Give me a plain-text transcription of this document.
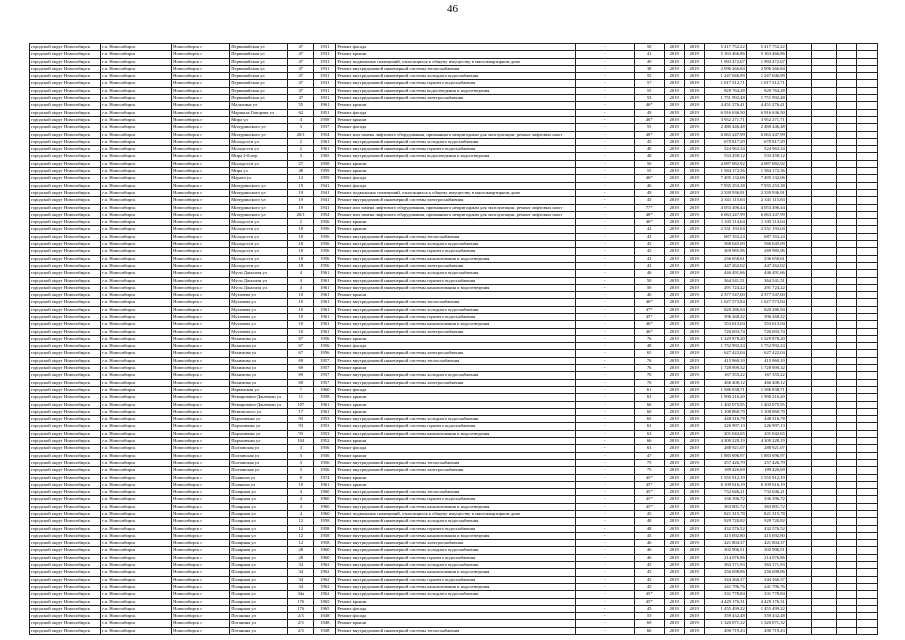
46
городской округ Новосибирск	г.п. Новосибирск	Новосибирск г	Первомайская ул	47	1931	Ремонт фасада	-	50	2019	2019	5 417 752,22	5 417 752,22				
городской округ Новосибирск	г.п. Новосибирск	Новосибирск г	Первомайская ул	47	1931	Ремонт крыши	-	41	2019	2019	5 163 466,86	5 163 466,86				
городской округ Новосибирск	г.п. Новосибирск	Новосибирск г	Первомайская ул	47	1931	Ремонт подвальных помещений, относящихся к общему имуществу в многоквартирном доме	-	49	2019	2019	1 993 472,67	1 993 472,67				
городской округ Новосибирск	г.п. Новосибирск	Новосибирск г	Первомайская ул	47	1931	Ремонт внутридомовой инженерной системы теплоснабжения	-	38	2019	2019	2 096 266,84	2 096 266,84				
городской округ Новосибирск	г.п. Новосибирск	Новосибирск г	Первомайская ул	47	1931	Ремонт внутридомовой инженерной системы холодного водоснабжения	-	55	2019	2019	1 247 046,99	1 247 046,99				
городской округ Новосибирск	г.п. Новосибирск	Новосибирск г	Первомайская ул	47	1931	Ремонт внутридомовой инженерной системы горячего водоснабжения	-	57	2019	2019	1 017 312,71	1 017 312,71				
городской округ Новосибирск	г.п. Новосибирск	Новосибирск г	Первомайская ул	47	1931	Ремонт внутридомовой инженерной системы водоотведения и водоотведения	-	55	2019	2019	820 764,28	820 764,28				
городской округ Новосибирск	г.п. Новосибирск	Новосибирск г	Первомайская ул	47	1931	Ремонт внутридомовой инженерной системы электроснабжения	-	53	2019	2019	1 751 992,48	1 751 992,48				
городской округ Новосибирск	г.п. Новосибирск	Новосибирск г	Малыгина ул	55	1961	Ремонт крыши	-	46*	2019	2019	4 451 276,41	4 451 276,41				
городской округ Новосибирск	г.п. Новосибирск	Новосибирск г	Маршала Говорова ул	62	1951	Ремонт фасада	-	49	2019	2019	6 916 636,50	6 916 636,50				
городской округ Новосибирск	г.п. Новосибирск	Новосибирск г	Мира ул	4	1958	Ремонт крыши	-	46*	2019	2019	3 952 271,71	3 952 271,71				
городской округ Новосибирск	г.п. Новосибирск	Новосибирск г	Мичуринского ул	3	1937	Ремонт фасада	-	55	2019	2019	2 480 446,48	2 480 446,48				
городской округ Новосибирск	г.п. Новосибирск	Новосибирск г	Мичуринского ул	20/1	1954	Ремонт или замена лифтового оборудования, признанного непригодным для эксплуатации, ремонт лифтовых шахт	-	48*	2019	2019	6 063 247,99	6 063 247,99				
городской округ Новосибирск	г.п. Новосибирск	Новосибирск г	Молодости ул	2	1961	Ремонт внутридомовой инженерной системы холодного водоснабжения	-	45	2019	2019	670 817,29	670 817,29				
городской округ Новосибирск	г.п. Новосибирск	Новосибирск г	Молодости ул	2	1961	Ремонт внутридомовой инженерной системы горячего водоснабжения	-	40	2019	2019	524 963,34	524 963,34				
городской округ Новосибирск	г.п. Новосибирск	Новосибирск г	Мира 2-й пер	3	1965	Ремонт внутридомовой инженерной системы водоотведения и водоотведения	-	48	2019	2019	533 458,12	533 458,12				
городской округ Новосибирск	г.п. Новосибирск	Новосибирск г	Молодости ул	27	1958	Ремонт крыши	-	50	2019	2019	4 087 082,92	4 087 082,92				
городской округ Новосибирск	г.п. Новосибирск	Новосибирск г	Мира ул	48	1959	Ремонт крыши	-	55	2019	2019	1 584 172,56	1 584 172,56				
городской округ Новосибирск	г.п. Новосибирск	Новосибирск г	Марата ул	12	1959	Ремонт фасада	-	46*	2019	2019	7 495 132,06	7 495 132,06				
городской округ Новосибирск	г.п. Новосибирск	Новосибирск г	Мичуринского ул	19	1941	Ремонт фасада	-	46	2019	2019	7 935 253,38	7 935 253,38				
городской округ Новосибирск	г.п. Новосибирск	Новосибирск г	Мичуринского ул	19	1941	Ремонт подвальных помещений, относящихся к общему имуществу в многоквартирном доме	-	49	2019	2019	2 339 936,91	2 339 936,91				
городской округ Новосибирск	г.п. Новосибирск	Новосибирск г	Мичуринского ул	19	1941	Ремонт внутридомовой инженерной системы электроснабжения	-	45	2019	2019	2 341 115,63	2 341 115,63				
городской округ Новосибирск	г.п. Новосибирск	Новосибирск г	Мичуринского ул	19	1941	Ремонт или замена лифтового оборудования, признанного непригодным для эксплуатации, ремонт лифтовых шахт	-	77*	2019	2019	4 053 496,44	4 053 496,44				
городской округ Новосибирск	г.п. Новосибирск	Новосибирск г	Мичуринского ул	20/1	1954	Ремонт или замена лифтового оборудования, признанного непригодным для эксплуатации, ремонт лифтовых шахт	-	48*	2019	2019	6 063 247,99	6 063 247,99				
городской округ Новосибирск	г.п. Новосибирск	Новосибирск г	Молодости ул	2	1956	Ремонт крыши	-	46*	2019	2019	1 335 114,64	1 335 114,64				
городской округ Новосибирск	г.п. Новосибирск	Новосибирск г	Молодости ул	18	1956	Ремонт крыши	-	42	2019	2019	2 531 193,04	2 531 193,04				
городской округ Новосибирск	г.п. Новосибирск	Новосибирск г	Молодости ул	18	1956	Ремонт внутридомовой инженерной системы теплоснабжения	-	43	2019	2019	687 163,24	687 163,24				
городской округ Новосибирск	г.п. Новосибирск	Новосибирск г	Молодости ул	18	1956	Ремонт внутридомовой инженерной системы холодного водоснабжения	-	45	2019	2019	568 645,09	568 645,09				
городской округ Новосибирск	г.п. Новосибирск	Новосибирск г	Молодости ул	18	1956	Ремонт внутридомовой инженерной системы горячего водоснабжения	-	45	2019	2019	269 985,96	269 985,96				
городской округ Новосибирск	г.п. Новосибирск	Новосибирск г	Молодости ул	18	1956	Ремонт внутридомовой инженерной системы канализования и водоотведения	-	42	2019	2019	236 658,61	236 658,61				
городской округ Новосибирск	г.п. Новосибирск	Новосибирск г	Молодости ул	18	1956	Ремонт внутридомовой инженерной системы электроснабжения	-	43	2019	2019	447 262,02	447 262,02				
городской округ Новосибирск	г.п. Новосибирск	Новосибирск г	Мусы Джалиля ул	4	1961	Ремонт внутридомовой инженерной системы холодного водоснабжения	-	46	2019	2019	446 491,66	446 491,66				
городской округ Новосибирск	г.п. Новосибирск	Новосибирск г	Мусы Джалиля ул	4	1961	Ремонт внутридомовой инженерной системы горячего водоснабжения	-	50	2019	2019	364 541,51	364 541,51				
городской округ Новосибирск	г.п. Новосибирск	Новосибирск г	Мусы Джалиля ул	4	1961	Ремонт внутридомовой инженерной системы канализования и водоотведения	-	50	2019	2019	291 724,22	291 724,22				
городской округ Новосибирск	г.п. Новосибирск	Новосибирск г	Мухачева ул	10	1961	Ремонт крыши	-	40	2019	2019	2 377 547,60	2 377 547,60				
городской округ Новосибирск	г.п. Новосибирск	Новосибирск г	Мухачева ул	10	1961	Ремонт внутридомовой инженерной системы теплоснабжения	-	46*	2019	2019	1 027 573,84	1 027 573,84				
городской округ Новосибирск	г.п. Новосибирск	Новосибирск г	Мухачева ул	10	1961	Ремонт внутридомовой инженерной системы холодного водоснабжения	-	47*	2019	2019	820 286,94	820 286,94				
городской округ Новосибирск	г.п. Новосибирск	Новосибирск г	Мухачева ул	10	1961	Ремонт внутридомовой инженерной системы горячего водоснабжения	-	45*	2019	2019	396 268,22	396 268,22				
городской округ Новосибирск	г.п. Новосибирск	Новосибирск г	Мухачева ул	10	1961	Ремонт внутридомовой инженерной системы канализования и водоотведения	-	46*	2019	2019	353 613,04	353 613,04				
городской округ Новосибирск	г.п. Новосибирск	Новосибирск г	Мухачева ул	10	1961	Ремонт внутридомовой инженерной системы электроснабжения	-	46*	2019	2019	726 693,74	726 693,74				
городской округ Новосибирск	г.п. Новосибирск	Новосибирск г	Нахимова ул	67	1956	Ремонт крыши	-	76	2019	2019	1 329 878,20	1 329 878,20				
городской округ Новосибирск	г.п. Новосибирск	Новосибирск г	Нахимова ул	67	1956	Ремонт фасада	-	48	2019	2019	1 752 992,24	1 752 992,24				
городской округ Новосибирск	г.п. Новосибирск	Новосибирск г	Нахимова ул	67	1956	Ремонт внутридомовой инженерной системы электроснабжения	-	65	2019	2019	627 422,04	627 422,04				
городской округ Новосибирск	г.п. Новосибирск	Новосибирск г	Нахимова ул	69	1957	Ремонт внутридомовой инженерной системы теплоснабжения	-	76	2019	2019	415 960,10	415 960,10				
городской округ Новосибирск	г.п. Новосибирск	Новосибирск г	Нахимова ул	69	1957	Ремонт крыши	-	76	2019	2019	1 728 890,32	1 728 890,32				
городской округ Новосибирск	г.п. Новосибирск	Новосибирск г	Нахимова ул	69	1957	Ремонт внутридомовой инженерной системы холодного водоснабжения	-	70	2019	2019	167 355,22	167 355,22				
городской округ Новосибирск	г.п. Новосибирск	Новосибирск г	Нахимова ул	69	1957	Ремонт внутридомовой инженерной системы электроснабжения	-	70	2019	2019	466 408,12	466 408,12				
городской округ Новосибирск	г.п. Новосибирск	Новосибирск г	Нарымская ул	7	1960	Ремонт фасада	-	61	2019	2019	1 586 838,71	1 586 838,71				
городской округ Новосибирск	г.п. Новосибирск	Новосибирск г	Немировича-Данченко ул	11	1958	Ремонт крыши	-	63	2019	2019	1 990 216,20	1 990 216,20				
городской округ Новосибирск	г.п. Новосибирск	Новосибирск г	Немировича-Данченко ул	107	1961	Ремонт крыши	-	66	2019	2019	1 402 075,95	1 402 075,95				
городской округ Новосибирск	г.п. Новосибирск	Новосибирск г	Невельского ул	17	1961	Ремонт крыши	-	60	2019	2019	1 108 860,79	1 108 860,79				
городской округ Новосибирск	г.п. Новосибирск	Новосибирск г	Пархоменко ул	93	1953	Ремонт внутридомовой инженерной системы холодного водоснабжения	-	65	2019	2019	448 316,78	448 316,78				
городской округ Новосибирск	г.п. Новосибирск	Новосибирск г	Пархоменко ул	93	1953	Ремонт внутридомовой инженерной системы горячего водоснабжения	-	63	2019	2019	226 997,13	226 997,13				
городской округ Новосибирск	г.п. Новосибирск	Новосибирск г	Пархоменко ул	93	1953	Ремонт внутридомовой инженерной системы канализования и водоотведения	-	63	2019	2019	201 042,65	201 042,65				
городской округ Новосибирск	г.п. Новосибирск	Новосибирск г	Пархоменко ул	104	1952	Ремонт крыши	-	66	2019	2019	4 309 228,19	4 309 228,19				
городской округ Новосибирск	г.п. Новосибирск	Новосибирск г	Полтавская ул	3	1956	Ремонт фасада	-	63	2019	2019	288 921,07	288 921,07				
городской округ Новосибирск	г.п. Новосибирск	Новосибирск г	Полтавская ул	3	1956	Ремонт крыши	-	47	2019	2019	1 883 696,97	1 883 696,97				
городской округ Новосибирск	г.п. Новосибирск	Новосибирск г	Полтавская ул	3	1956	Ремонт внутридомовой инженерной системы теплоснабжения	-	75	2019	2019	257 426,79	257 426,79				
городской округ Новосибирск	г.п. Новосибирск	Новосибирск г	Полтавская ул	3	1956	Ремонт внутридомовой инженерной системы электроснабжения	-	75	2019	2019	189 426,69	189 426,69				
городской округ Новосибирск	г.п. Новосибирск	Новосибирск г	Полякова ул	8	1974	Ремонт крыши	-	45*	2019	2019	1 555 912,19	1 555 912,19				
городской округ Новосибирск	г.п. Новосибирск	Новосибирск г	Полякова ул	10	1961	Ремонт крыши	-	45*	2019	2019	6 109 616,19	6 109 616,19				
городской округ Новосибирск	г.п. Новосибирск	Новосибирск г	Полярная ул	4	1960	Ремонт внутридомовой инженерной системы теплоснабжения	-	45*	2019	2019	732 646,21	732 646,21				
городской округ Новосибирск	г.п. Новосибирск	Новосибирск г	Полярная ул	4	1960	Ремонт внутридомовой инженерной системы горячего водоснабжения	-	45*	2019	2019	336 396,72	336 396,72				
городской округ Новосибирск	г.п. Новосибирск	Новосибирск г	Полярная ул	4	1960	Ремонт внутридомовой инженерной системы канализования и водоотведения	-	45*	2019	2019	363 801,72	363 801,72				
городской округ Новосибирск	г.п. Новосибирск	Новосибирск г	Полярная ул	4	1960	Ремонт подвальных помещений, относящихся к общему имуществу в многоквартирном доме	-	45	2019	2019	821 315,78	821 315,78				
городской округ Новосибирск	г.п. Новосибирск	Новосибирск г	Полярная ул	12	1958	Ремонт внутридомовой инженерной системы холодного водоснабжения	-	48	2019	2019	929 720,82	929 720,82				
городской округ Новосибирск	г.п. Новосибирск	Новосибирск г	Полярная ул	12	1958	Ремонт внутридомовой инженерной системы горячего водоснабжения	-	48	2019	2019	432 576,52	432 576,52				
городской округ Новосибирск	г.п. Новосибирск	Новосибирск г	Полярная ул	12	1958	Ремонт внутридомовой инженерной системы канализования и водоотведения	-	45	2019	2019	415 692,80	415 692,80				
городской округ Новосибирск	г.п. Новосибирск	Новосибирск г	Полярная ул	12	1958	Ремонт внутридомовой инженерной системы электроснабжения	-	46	2019	2019	421 804,37	421 804,37				
городской округ Новосибирск	г.п. Новосибирск	Новосибирск г	Полярная ул	28	1960	Ремонт внутридомовой инженерной системы холодного водоснабжения	-	46	2019	2019	302 906,51	302 906,51				
городской округ Новосибирск	г.п. Новосибирск	Новосибирск г	Полярная ул	28	1960	Ремонт внутридомовой инженерной системы горячего водоснабжения	-	46	2019	2019	214 076,86	214 076,86				
городской округ Новосибирск	г.п. Новосибирск	Новосибирск г	Полярная ул	34	1962	Ремонт внутридомовой инженерной системы холодного водоснабжения	-	45	2019	2019	363 171,93	363 171,93				
городской округ Новосибирск	г.п. Новосибирск	Новосибирск г	Полярная ул	34	1962	Ремонт внутридомовой инженерной системы канализования и водоотведения	-	45	2019	2019	256 698,86	256 698,86				
городской округ Новосибирск	г.п. Новосибирск	Новосибирск г	Полярная ул	34	1962	Ремонт внутридомовой инженерной системы горячего водоснабжения	-	45	2019	2019	344 266,37	344 266,37				
городской округ Новосибирск	г.п. Новосибирск	Новосибирск г	Полярная ул	34	1962	Ремонт внутридомовой инженерной системы канализования и водоотведения	-	45	2019	2019	241 796,76	241 796,76				
городской округ Новосибирск	г.п. Новосибирск	Новосибирск г	Полярная ул	34а	1962	Ремонт внутридомовой инженерной системы холодного водоснабжения	-	45*	2019	2019	331 778,84	331 778,84				
городской округ Новосибирск	г.п. Новосибирск	Новосибирск г	Полярная ул	176	1965	Ремонт крыши	-	45*	2019	2019	4 429 176,31	4 429 176,31				
городской округ Новосибирск	г.п. Новосибирск	Новосибирск г	Полярная ул	176	1965	Ремонт фасада	-	45	2019	2019	1 455 499,22	1 455 499,22				
городской округ Новосибирск	г.п. Новосибирск	Новосибирск г	Потанина ул	2/3	1948	Ремонт фасада	-	55	2019	2019	359 432,48	359 432,48				
городской округ Новосибирск	г.п. Новосибирск	Новосибирск г	Потанина ул	2/3	1948	Ремонт крыши	-	69	2019	2019	1 320 071,32	1 320 071,32				
городской округ Новосибирск	г.п. Новосибирск	Новосибирск г	Потанина ул	2/3	1948	Ремонт внутридомовой инженерной системы теплоснабжения	-	60	2019	2019	490 719,43	490 719,43				
